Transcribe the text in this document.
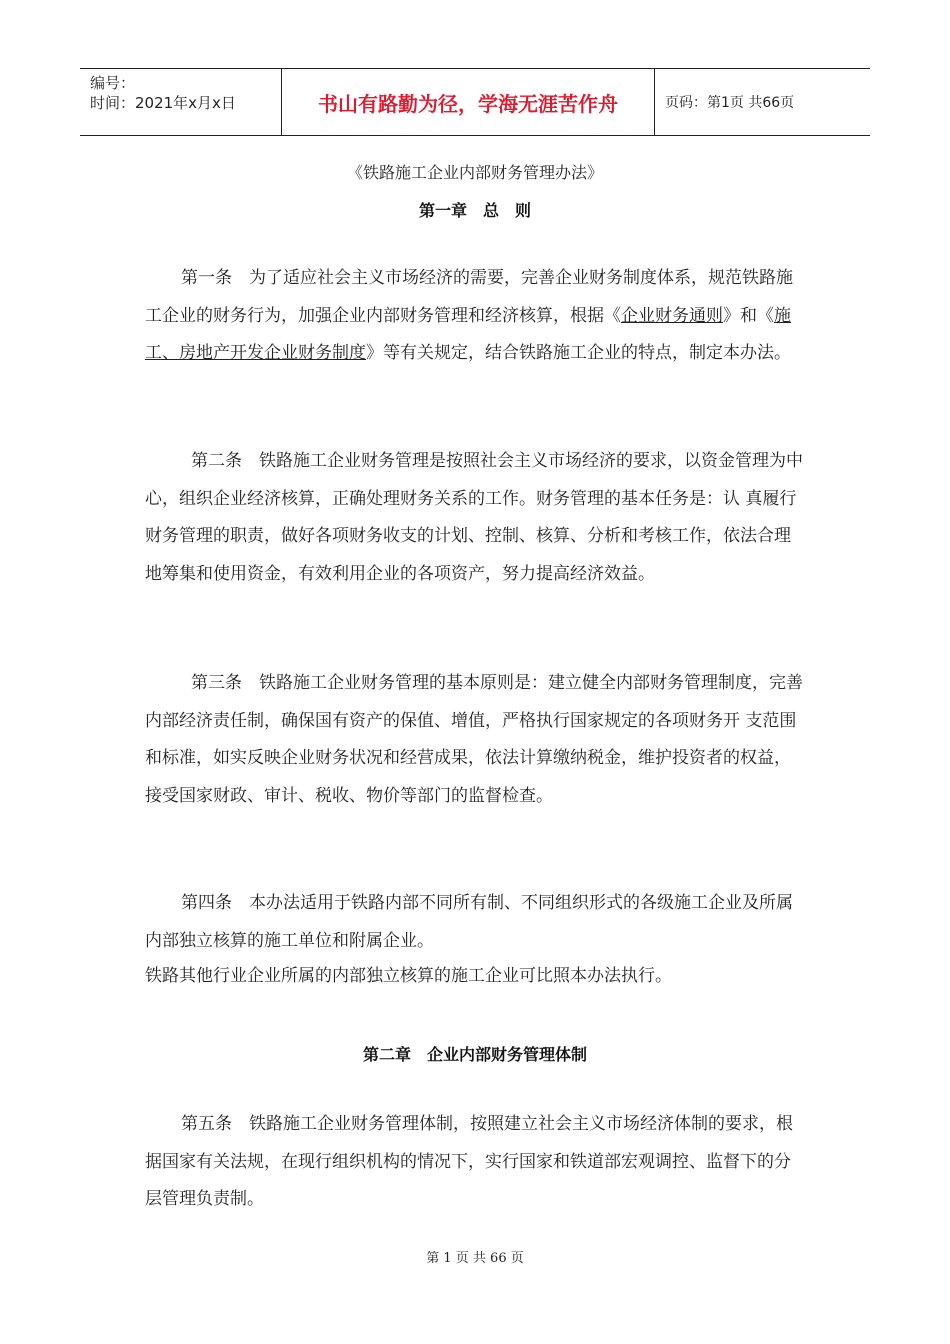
编号：
时间：2021年x月x日	书山有路勤为径，学海无涯苦作舟	页码：第1页 共66页
《铁路施工企业内部财务管理办法》
第一章　总　则
第一条　为了适应社会主义市场经济的需要，完善企业财务制度体系，规范铁路施工企业的财务行为，加强企业内部财务管理和经济核算，根据《企业财务通则》和《施工、房地产开发企业财务制度》等有关规定，结合铁路施工企业的特点，制定本办法。
第二条　铁路施工企业财务管理是按照社会主义市场经济的要求，以资金管理为中心，组织企业经济核算，正确处理财务关系的工作。财务管理的基本任务是：认 真履行财务管理的职责，做好各项财务收支的计划、控制、核算、分析和考核工作，依法合理地筹集和使用资金，有效利用企业的各项资产，努力提高经济效益。
第三条　铁路施工企业财务管理的基本原则是：建立健全内部财务管理制度，完善内部经济责任制，确保国有资产的保值、增值，严格执行国家规定的各项财务开 支范围和标准，如实反映企业财务状况和经营成果，依法计算缴纳税金，维护投资者的权益，接受国家财政、审计、税收、物价等部门的监督检查。
第四条　本办法适用于铁路内部不同所有制、不同组织形式的各级施工企业及所属内部独立核算的施工单位和附属企业。
铁路其他行业企业所属的内部独立核算的施工企业可比照本办法执行。
第二章　企业内部财务管理体制
第五条　铁路施工企业财务管理体制，按照建立社会主义市场经济体制的要求，根据国家有关法规，在现行组织机构的情况下，实行国家和铁道部宏观调控、监督下的分层管理负责制。
第 1 页 共 66 页
